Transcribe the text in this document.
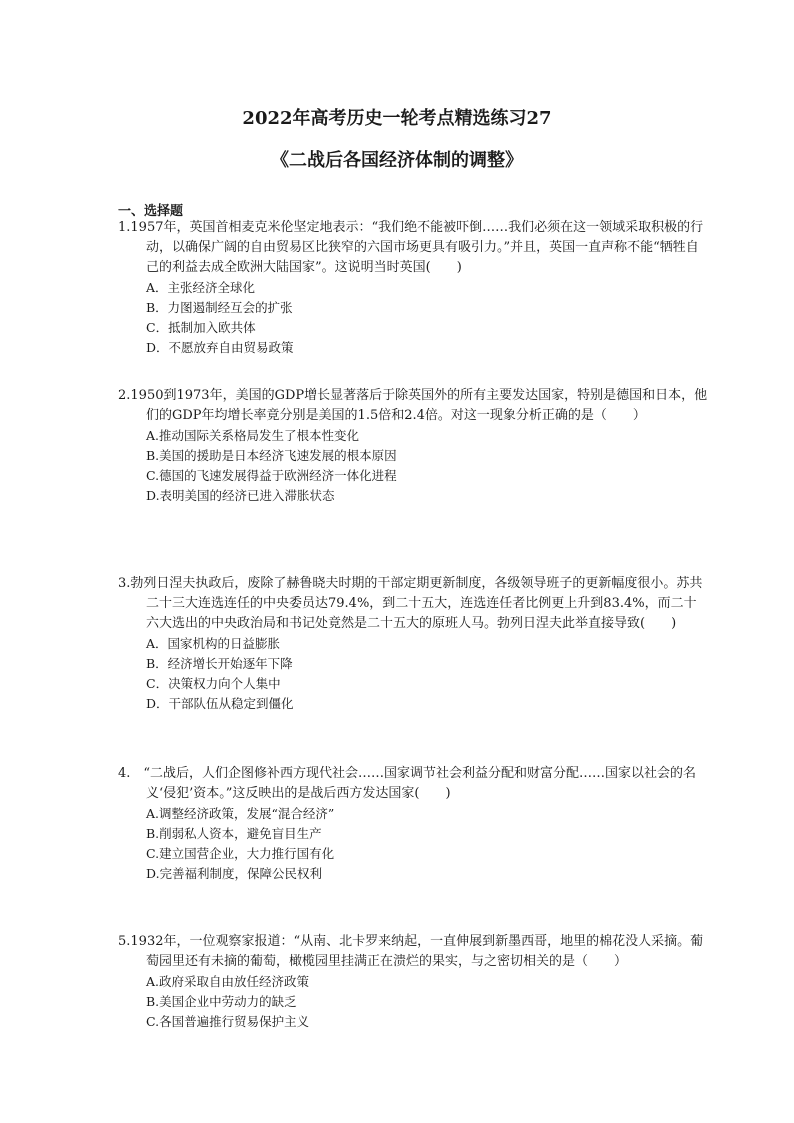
2022年高考历史一轮考点精选练习27
《二战后各国经济体制的调整》
一、选择题

1.1957年，英国首相麦克米伦坚定地表示：“我们绝不能被吓倒……我们必须在这一领域采取积极的行动，以确保广阔的自由贸易区比狭窄的六国市场更具有吸引力。”并且，英国一直声称不能“牺牲自己的利益去成全欧洲大陆国家”。这说明当时英国(　　)

A．主张经济全球化
B．力图遏制经互会的扩张
C．抵制加入欧共体
D．不愿放弃自由贸易政策

2.1950到1973年，美国的GDP增长显著落后于除英国外的所有主要发达国家，特别是德国和日本，他们的GDP年均增长率竟分别是美国的1.5倍和2.4倍。对这一现象分析正确的是（　　）

A.推动国际关系格局发生了根本性变化
B.美国的援助是日本经济飞速发展的根本原因
C.德国的飞速发展得益于欧洲经济一体化进程
D.表明美国的经济已进入滞胀状态

3.勃列日涅夫执政后，废除了赫鲁晓夫时期的干部定期更新制度，各级领导班子的更新幅度很小。苏共二十三大连选连任的中央委员达79.4%，到二十五大，连选连任者比例更上升到83.4%，而二十六大选出的中央政治局和书记处竟然是二十五大的原班人马。勃列日涅夫此举直接导致(　　)

A．国家机构的日益膨胀
B．经济增长开始逐年下降
C．决策权力向个人集中
D．干部队伍从稳定到僵化

4.　“二战后，人们企图修补西方现代社会……国家调节社会利益分配和财富分配……国家以社会的名义‘侵犯’资本。”这反映出的是战后西方发达国家(　　)

A.调整经济政策，发展“混合经济”
B.削弱私人资本，避免盲目生产
C.建立国营企业，大力推行国有化
D.完善福利制度，保障公民权利

5.1932年，一位观察家报道：“从南、北卡罗来纳起，一直伸展到新墨西哥，地里的棉花没人采摘。葡萄园里还有未摘的葡萄，橄榄园里挂满正在溃烂的果实，与之密切相关的是（　　）

A.政府采取自由放任经济政策
B.美国企业中劳动力的缺乏
C.各国普遍推行贸易保护主义
